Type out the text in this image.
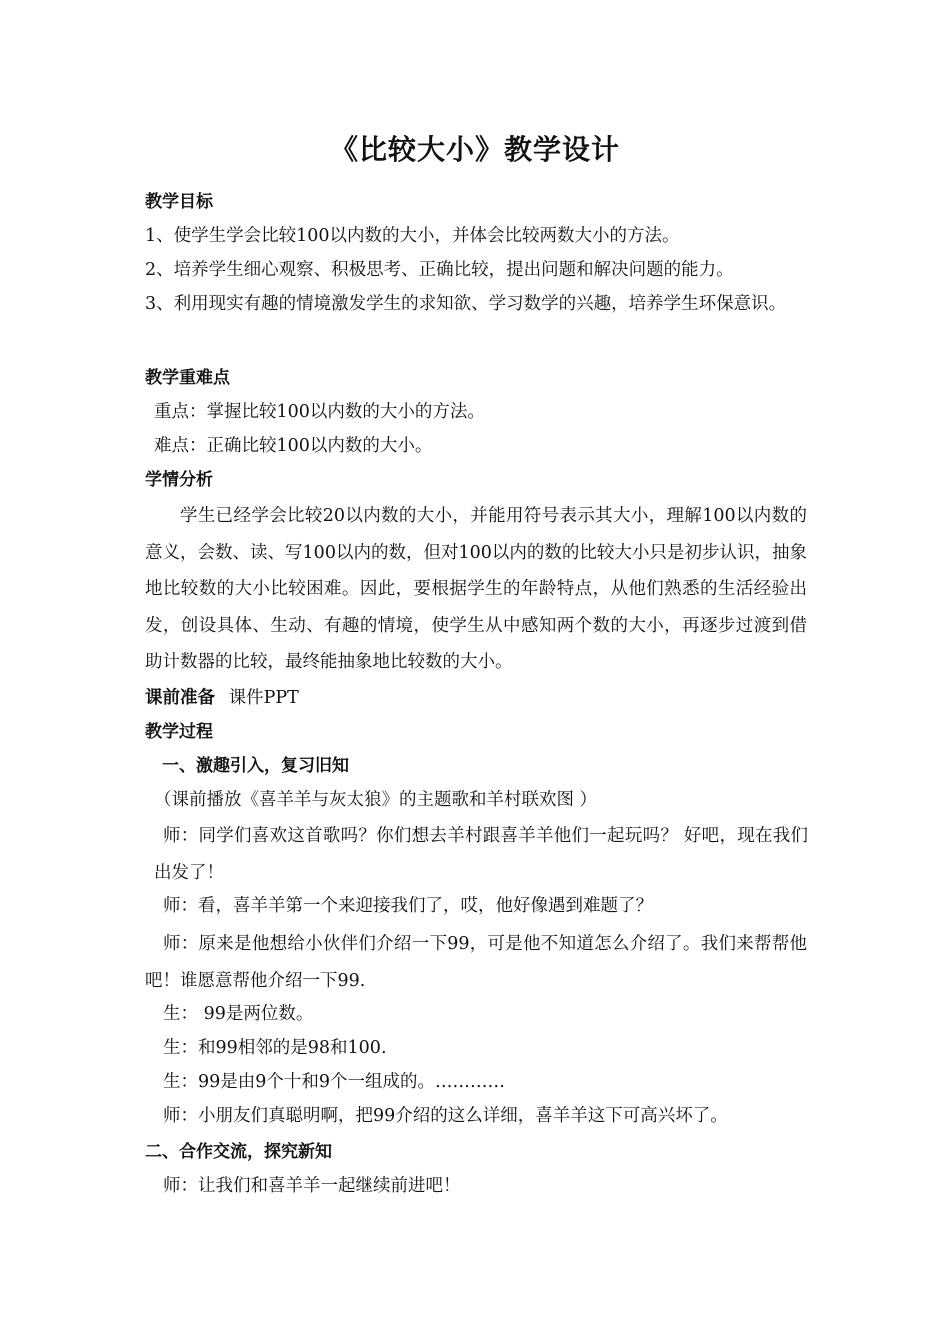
《比较大小》教学设计
教学目标
1、使学生学会比较100以内数的大小，并体会比较两数大小的方法。
2、培养学生细心观察、积极思考、正确比较，提出问题和解决问题的能力。
3、利用现实有趣的情境激发学生的求知欲、学习数学的兴趣，培养学生环保意识。
教学重难点
重点：掌握比较100以内数的大小的方法。
难点：正确比较100以内数的大小。
学情分析
学生已经学会比较20以内数的大小，并能用符号表示其大小，理解100以内数的意义，会数、读、写100以内的数，但对100以内的数的比较大小只是初步认识，抽象地比较数的大小比较困难。因此，要根据学生的年龄特点，从他们熟悉的生活经验出发，创设具体、生动、有趣的情境，使学生从中感知两个数的大小，再逐步过渡到借助计数器的比较，最终能抽象地比较数的大小。
课前准备 课件PPT
教学过程
一、激趣引入，复习旧知
（课前播放《喜羊羊与灰太狼》的主题歌和羊村联欢图 ）
师：同学们喜欢这首歌吗？你们想去羊村跟喜羊羊他们一起玩吗？ 好吧，现在我们出发了！
师：看，喜羊羊第一个来迎接我们了，哎，他好像遇到难题了？
师：原来是他想给小伙伴们介绍一下99，可是他不知道怎么介绍了。我们来帮帮他吧！谁愿意帮他介绍一下99.
生： 99是两位数。
生：和99相邻的是98和100.
生：99是由9个十和9个一组成的。…………
师：小朋友们真聪明啊，把99介绍的这么详细，喜羊羊这下可高兴坏了。
二、合作交流，探究新知
师：让我们和喜羊羊一起继续前进吧！
